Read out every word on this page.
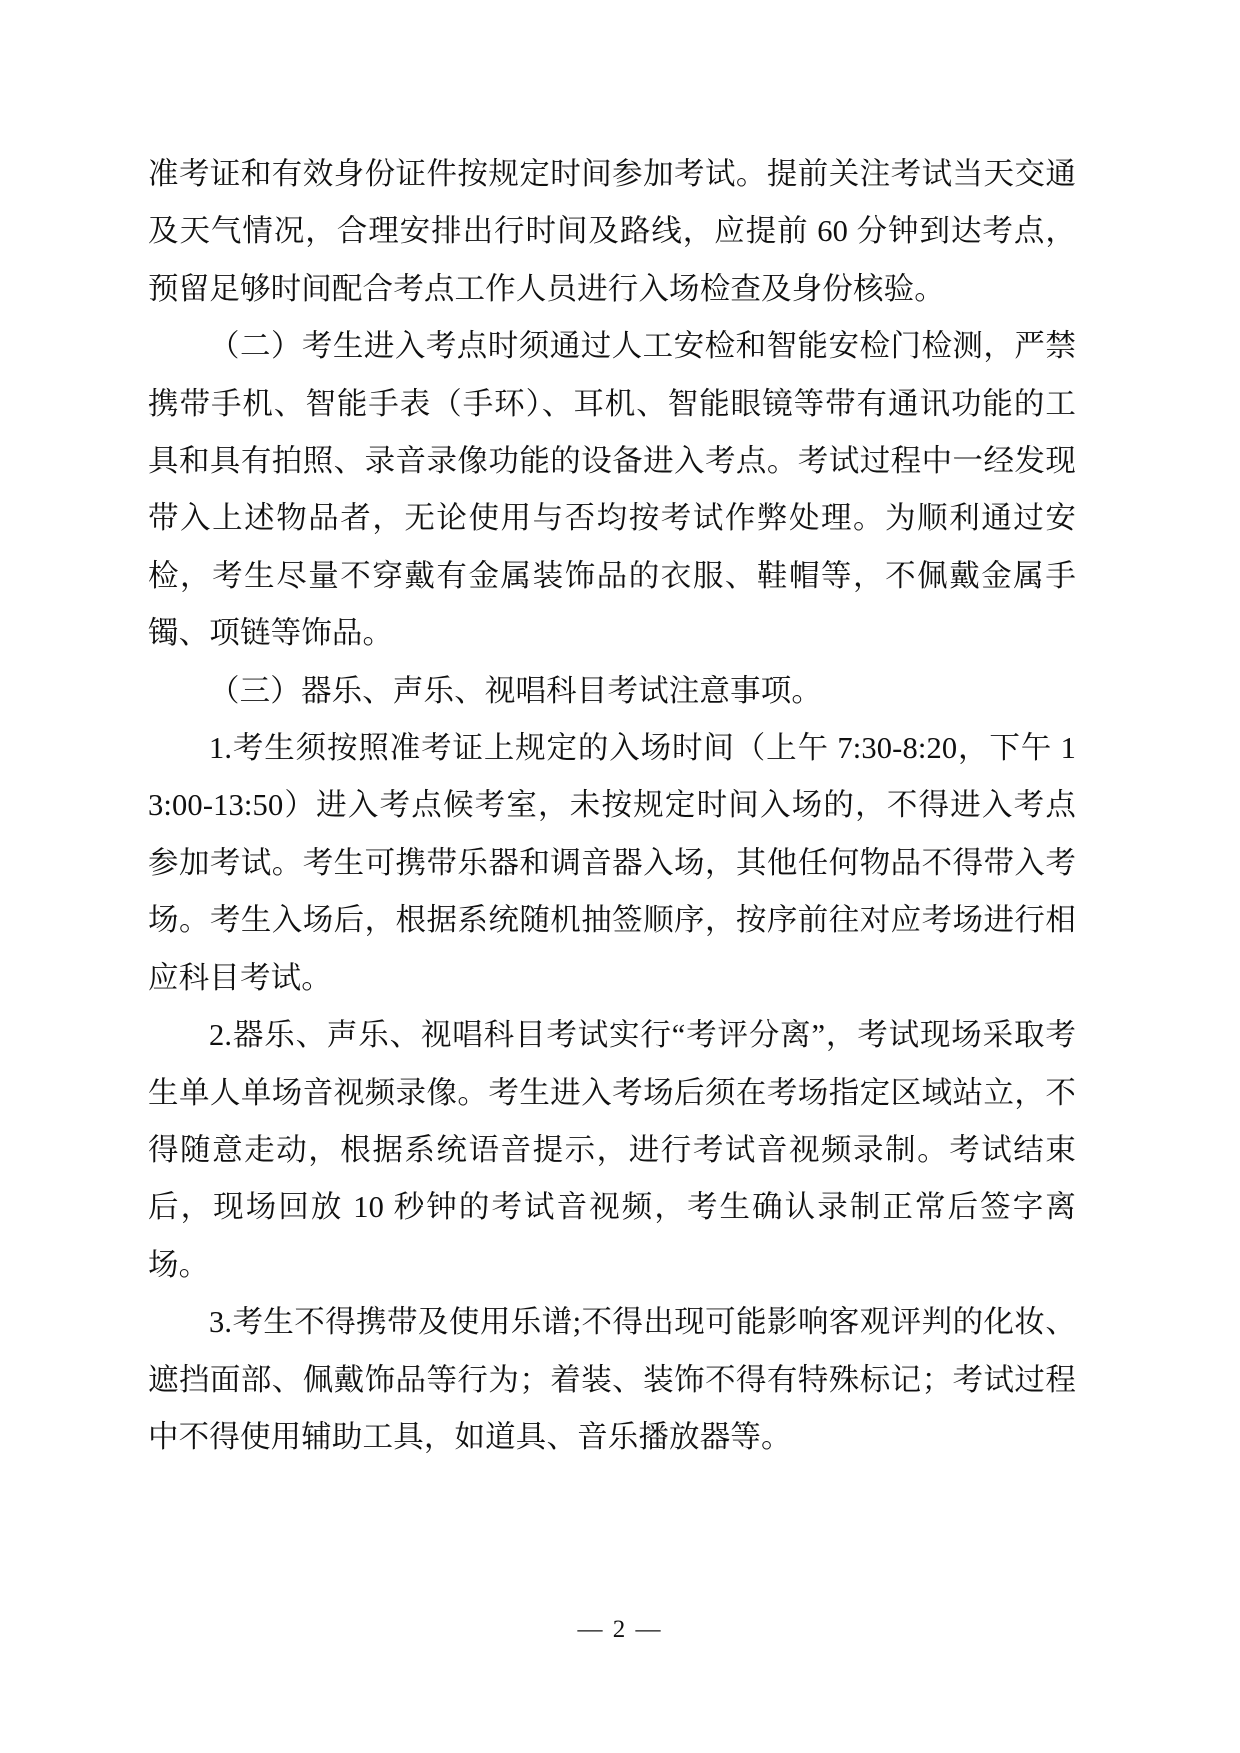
准考证和有效身份证件按规定时间参加考试。提前关注考试当天交通及天气情况，合理安排出行时间及路线，应提前 60 分钟到达考点，预留足够时间配合考点工作人员进行入场检查及身份核验。

（二）考生进入考点时须通过人工安检和智能安检门检测，严禁携带手机、智能手表（手环）、耳机、智能眼镜等带有通讯功能的工具和具有拍照、录音录像功能的设备进入考点。考试过程中一经发现带入上述物品者，无论使用与否均按考试作弊处理。为顺利通过安检，考生尽量不穿戴有金属装饰品的衣服、鞋帽等，不佩戴金属手镯、项链等饰品。

（三）器乐、声乐、视唱科目考试注意事项。

1.考生须按照准考证上规定的入场时间（上午 7:30-8:20，下午 13:00-13:50）进入考点候考室，未按规定时间入场的，不得进入考点参加考试。考生可携带乐器和调音器入场，其他任何物品不得带入考场。考生入场后，根据系统随机抽签顺序，按序前往对应考场进行相应科目考试。

2.器乐、声乐、视唱科目考试实行“考评分离”，考试现场采取考生单人单场音视频录像。考生进入考场后须在考场指定区域站立，不得随意走动，根据系统语音提示，进行考试音视频录制。考试结束后，现场回放 10 秒钟的考试音视频，考生确认录制正常后签字离场。

3.考生不得携带及使用乐谱;不得出现可能影响客观评判的化妆、遮挡面部、佩戴饰品等行为；着装、装饰不得有特殊标记；考试过程中不得使用辅助工具，如道具、音乐播放器等。

— 2 —
